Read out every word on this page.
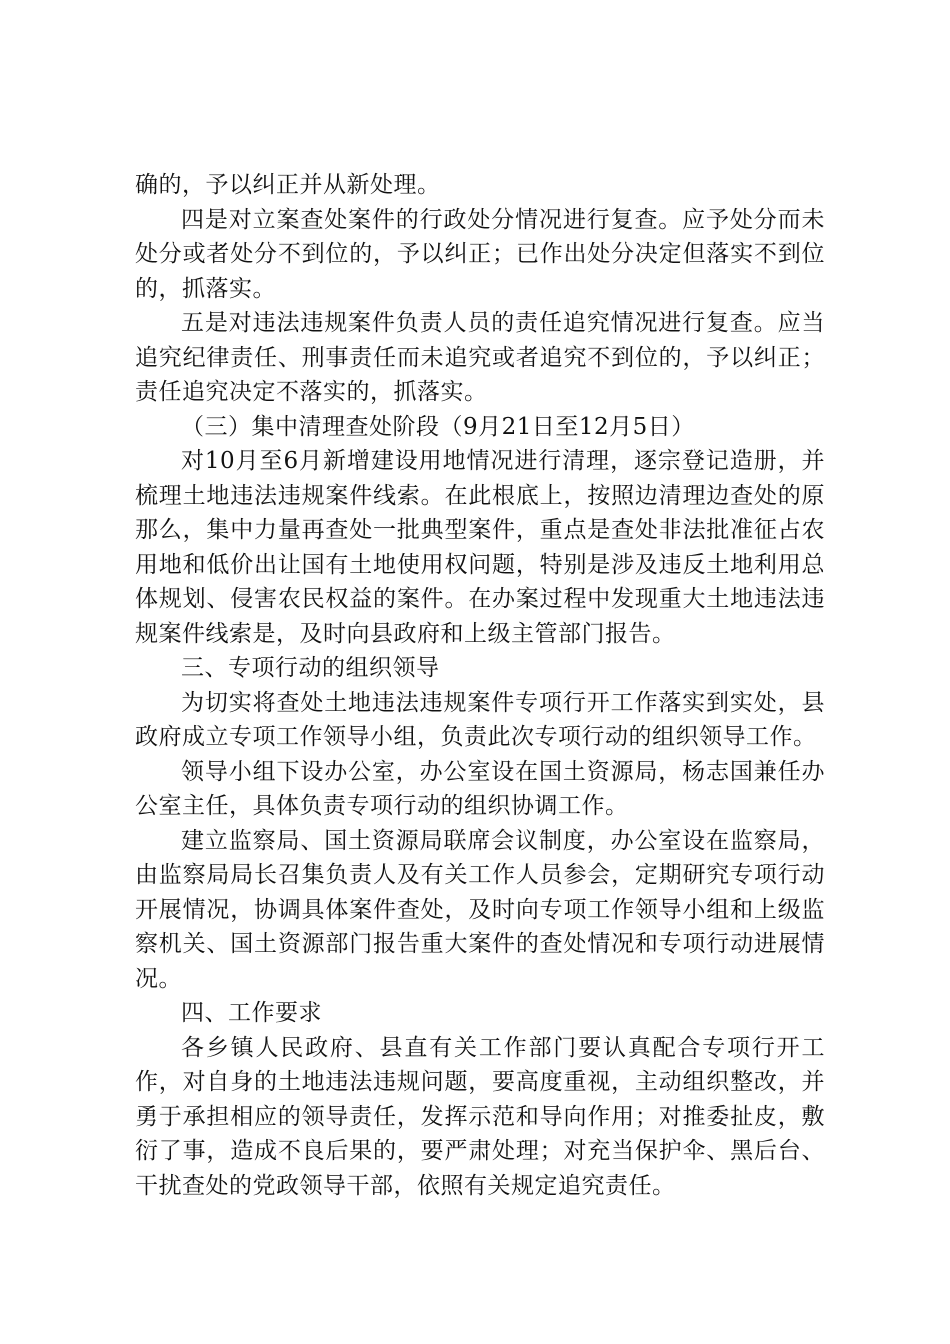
确的，予以纠正并从新处理。

四是对立案查处案件的行政处分情况进行复查。应予处分而未处分或者处分不到位的，予以纠正；已作出处分决定但落实不到位的，抓落实。

五是对违法违规案件负责人员的责任追究情况进行复查。应当追究纪律责任、刑事责任而未追究或者追究不到位的，予以纠正；责任追究决定不落实的，抓落实。

（三）集中清理查处阶段（9月21日至12月5日）

对10月至6月新增建设用地情况进行清理，逐宗登记造册，并梳理土地违法违规案件线索。在此根底上，按照边清理边查处的原那么，集中力量再查处一批典型案件，重点是查处非法批准征占农用地和低价出让国有土地使用权问题，特别是涉及违反土地利用总体规划、侵害农民权益的案件。在办案过程中发现重大土地违法违规案件线索是，及时向县政府和上级主管部门报告。

三、专项行动的组织领导

为切实将查处土地违法违规案件专项行开工作落实到实处，县政府成立专项工作领导小组，负责此次专项行动的组织领导工作。

领导小组下设办公室，办公室设在国土资源局，杨志国兼任办公室主任，具体负责专项行动的组织协调工作。

建立监察局、国土资源局联席会议制度，办公室设在监察局，由监察局局长召集负责人及有关工作人员参会，定期研究专项行动开展情况，协调具体案件查处，及时向专项工作领导小组和上级监察机关、国土资源部门报告重大案件的查处情况和专项行动进展情况。

四、工作要求

各乡镇人民政府、县直有关工作部门要认真配合专项行开工作，对自身的土地违法违规问题，要高度重视，主动组织整改，并勇于承担相应的领导责任，发挥示范和导向作用；对推委扯皮，敷衍了事，造成不良后果的，要严肃处理；对充当保护伞、黑后台、干扰查处的党政领导干部，依照有关规定追究责任。
